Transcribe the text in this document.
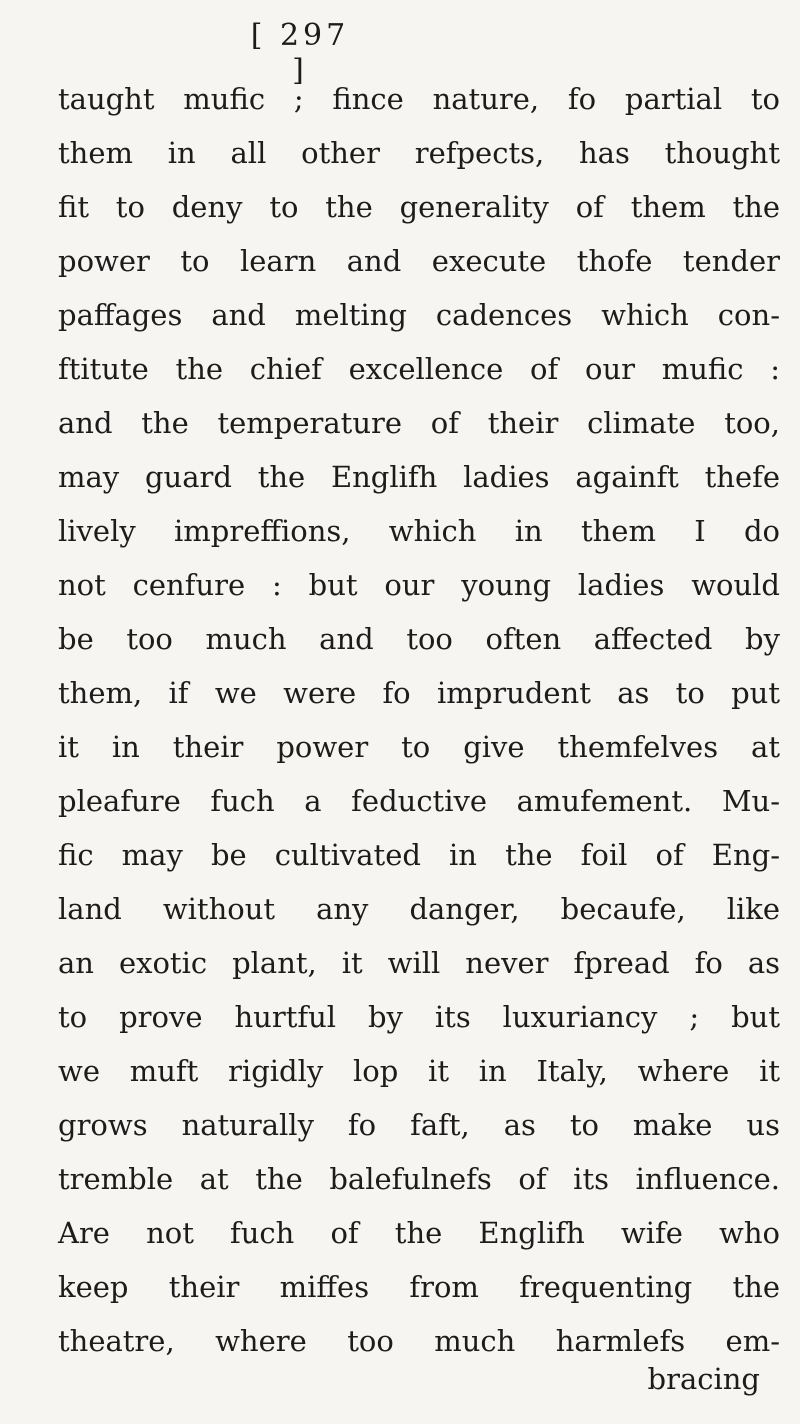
[ 297 ]
taught mufic ; fince nature, fo partial to
them in all other refpects, has thought
fit to deny to the generality of them the
power to learn and execute thofe tender
paffages and melting cadences which con-
ftitute the chief excellence of our mufic :
and the temperature of their climate too,
may guard the Englifh ladies againft thefe
lively impreffions, which in them I do
not cenfure : but our young ladies would
be too much and too often affected by
them, if we were fo imprudent as to put
it in their power to give themfelves at
pleafure fuch a feductive amufement. Mu-
fic may be cultivated in the foil of Eng-
land without any danger, becaufe, like
an exotic plant, it will never fpread fo as
to prove hurtful by its luxuriancy ; but
we muft rigidly lop it in Italy, where it
grows naturally fo faft, as to make us
tremble at the balefulnefs of its influence.
Are not fuch of the Englifh wife who
keep their miffes from frequenting the
theatre, where too much harmlefs em-
bracing
